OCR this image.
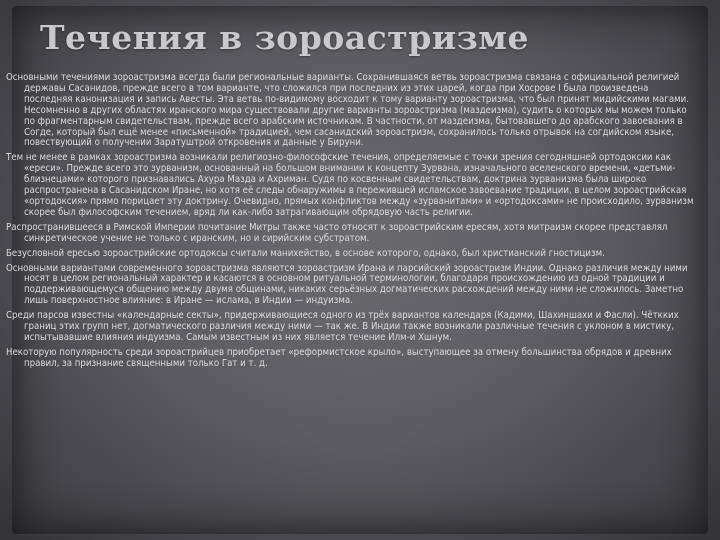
Течения в зороастризме

Основными течениями зороастризма всегда были региональные варианты. Сохранившаяся ветвь зороастризма связана с официальной религией державы Сасанидов, прежде всего в том варианте, что сложился при последних из этих царей, когда при Хосрове I была произведена последняя канонизация и запись Авесты. Эта ветвь по-видимому восходит к тому варианту зороастризма, что был принят мидийскими магами. Несомненно в других областях иранского мира существовали другие варианты зороастризма (маздеизма), судить о которых мы можем только по фрагментарным свидетельствам, прежде всего арабским источникам. В частности, от маздеизма, бытовавшего до арабского завоевания в Согде, который был ещё менее «письменной» традицией, чем сасанидский зороастризм, сохранилось только отрывок на согдийском языке, повествующий о получении Заратуштрой откровения и данные у Бируни.

Тем не менее в рамках зороастризма возникали религиозно-философские течения, определяемые с точки зрения сегодняшней ортодоксии как «ереси». Прежде всего это зурванизм, основанный на большом внимании к концепту Зурвана, изначального вселенского времени, «детьми-близнецами» которого признавались Ахура Мазда и Ахриман. Судя по косвенным свидетельствам, доктрина зурванизма была широко распространена в Сасанидском Иране, но хотя её следы обнаружимы в пережившей исламское завоевание традиции, в целом зороастрийская «ортодоксия» прямо порицает эту доктрину. Очевидно, прямых конфликтов между «зурванитами» и «ортодоксами» не происходило, зурванизм скорее был философским течением, вряд ли как-либо затрагивающим обрядовую часть религии.

Распространившееся в Римской Империи почитание Митры также часто относят к зороастрийским ересям, хотя митраизм скорее представлял синкретическое учение не только с иранским, но и сирийским субстратом.

Безусловной ересью зороастрийские ортодоксы считали манихейство, в основе которого, однако, был христианский гностицизм.

Основными вариантами современного зороастризма являются зороастризм Ирана и парсийский зороастризм Индии. Однако различия между ними носят в целом региональный характер и касаются в основном ритуальной терминологии, благодаря происхождению из одной традиции и поддерживающемуся общению между двумя общинами, никаких серьёзных догматических расхождений между ними не сложилось. Заметно лишь поверхностное влияние: в Иране — ислама, в Индии — индуизма.

Среди парсов известны «календарные секты», придерживающиеся одного из трёх вариантов календаря (Кадими, Шахиншахи и Фасли). Чёткких границ этих групп нет, догматического различия между ними — так же. В Индии также возникали различные течения с уклоном в мистику, испытывавшие влияния индуизма. Самым известным из них является течение Илм-и Хшнум.

Некоторую популярность среди зороастрийцев приобретает «реформистское крыло», выступающее за отмену большинства обрядов и древних правил, за признание священными только Гат и т. д.
